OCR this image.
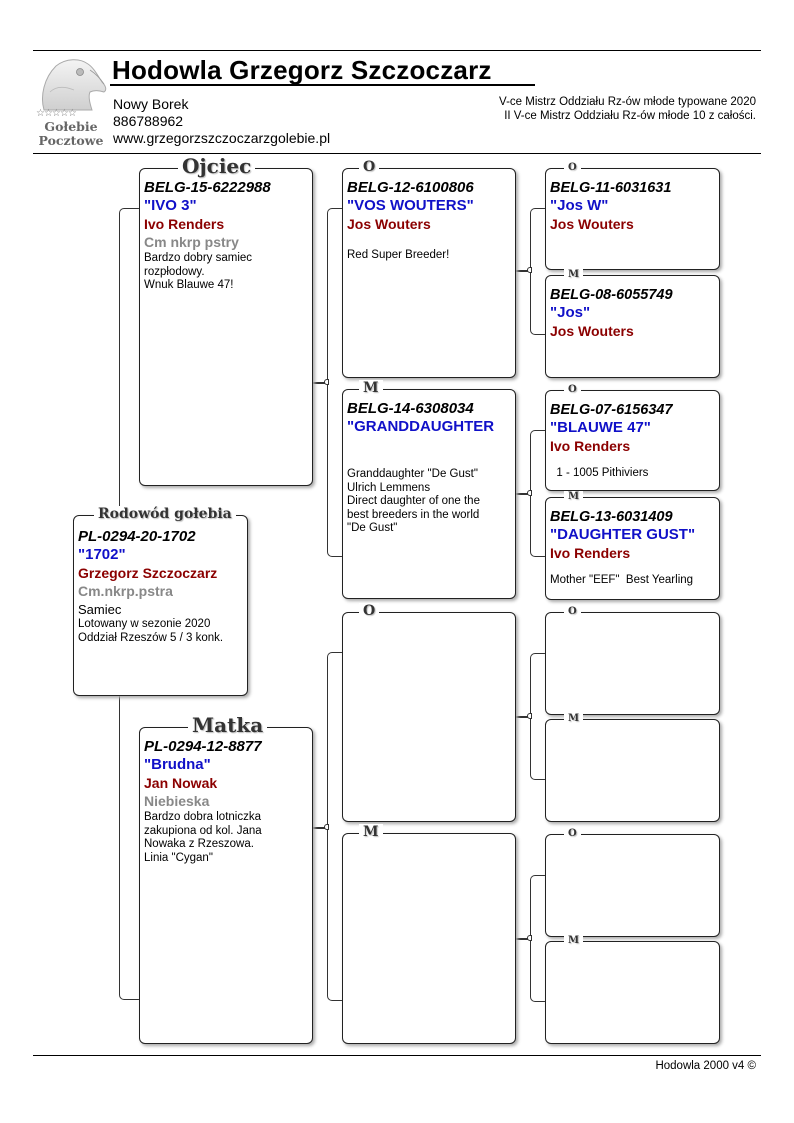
☆☆☆☆☆
Gołebie
Pocztowe
Hodowla Grzegorz Szczoczarz
Nowy Borek
886788962
www.grzegorzszczoczarzgolebie.pl
V-ce Mistrz Oddziału Rz-ów młode typowane 2020
II V-ce Mistrz Oddziału Rz-ów młode 10 z całości.
Rodowód gołebia
PL-0294-20-1702
"1702"
Grzegorz Szczoczarz
Cm.nkrp.pstra
Samiec
Lotowany w sezonie 2020
Oddział Rzeszów 5 / 3 konk.
Ojciec
BELG-15-6222988
"IVO 3"
Ivo Renders
Cm nkrp pstry
Bardzo dobry samiec
rozpłodowy.
Wnuk Blauwe 47!
Matka
PL-0294-12-8877
"Brudna"
Jan Nowak
Niebieska
Bardzo dobra lotniczka
zakupiona od kol. Jana
Nowaka z Rzeszowa.
Linia "Cygan"
O
BELG-12-6100806
"VOS WOUTERS"
Jos Wouters
Red Super Breeder!
M
BELG-14-6308034
"GRANDDAUGHTER
Granddaughter "De Gust"
Ulrich Lemmens
Direct daughter of one the
best breeders in the world
"De Gust"
O
M
O
BELG-11-6031631
"Jos W"
Jos Wouters
M
BELG-08-6055749
"Jos"
Jos Wouters
O
BELG-07-6156347
"BLAUWE 47"
Ivo Renders
1 - 1005 Pithiviers
M
BELG-13-6031409
"DAUGHTER GUST"
Ivo Renders
Mother "EEF"  Best Yearling
O
M
O
M
Hodowla 2000 v4 ©
